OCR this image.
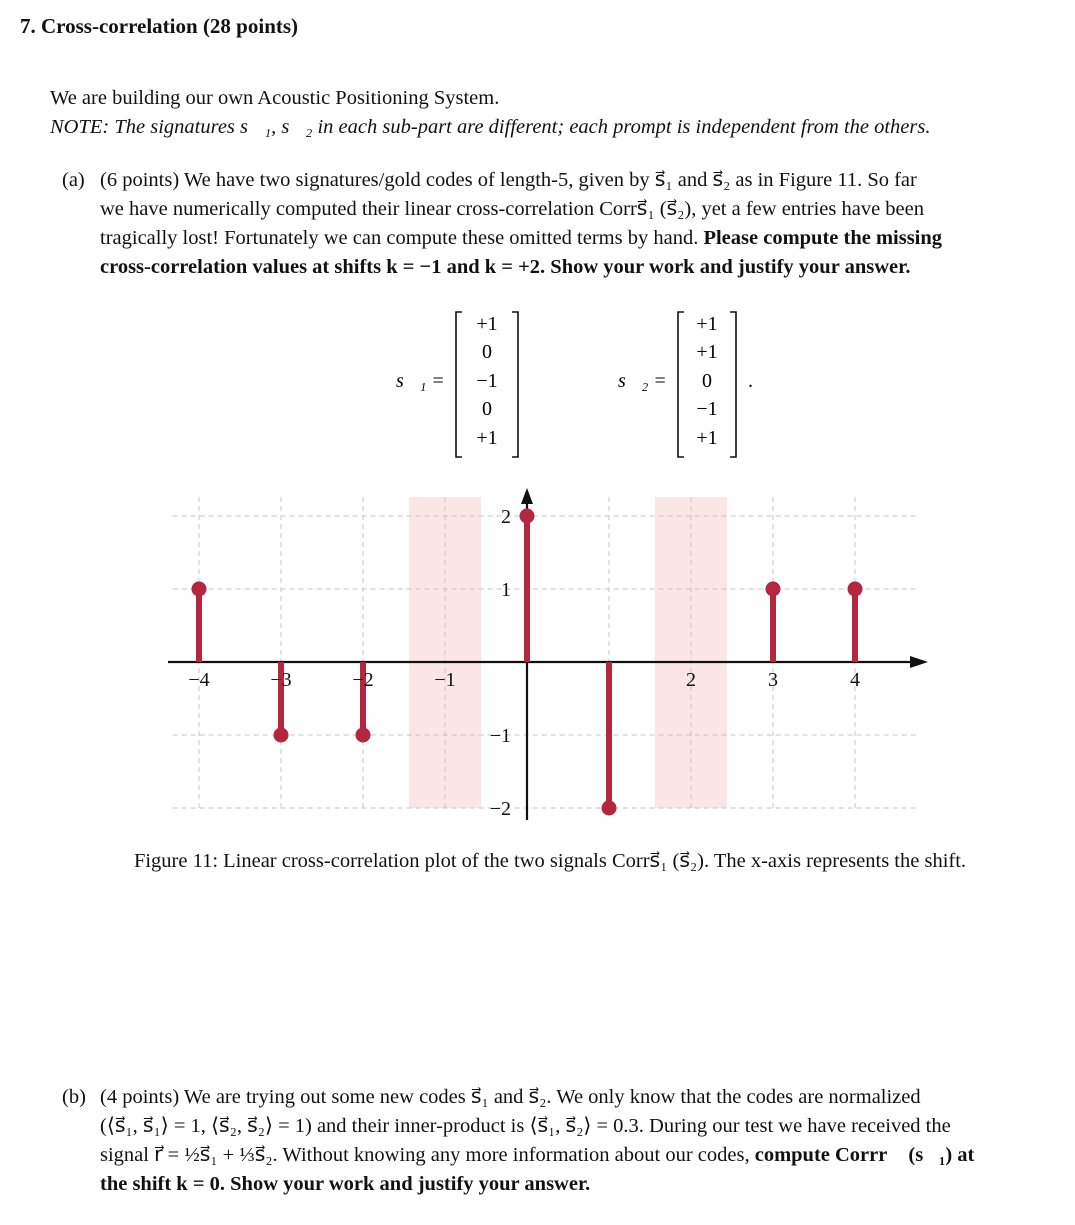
7. Cross-correlation (28 points)
We are building our own Acoustic Positioning System.
NOTE: The signatures s⃗₁, s⃗₂ in each sub-part are different; each prompt is independent from the others.
(a) (6 points) We have two signatures/gold codes of length-5, given by s⃗₁ and s⃗₂ as in Figure 11. So far
we have numerically computed their linear cross-correlation Corrs⃗₁ (s⃗₂), yet a few entries have been
tragically lost! Fortunately we can compute these omitted terms by hand. Please compute the missing
cross-correlation values at shifts k = −1 and k = +2. Show your work and justify your answer.
s⃗₁ =
+1
0
−1
0
+1
s⃗₂ =
+1
+1
0
−1
+1
.
−4	−3	−2	−1	2	3	4
2
1
−1
−2
Figure 11: Linear cross-correlation plot of the two signals Corrs⃗₁ (s⃗₂). The x-axis represents the shift.
(b) (4 points) We are trying out some new codes s⃗₁ and s⃗₂. We only know that the codes are normalized
(⟨s⃗₁, s⃗₁⟩ = 1, ⟨s⃗₂, s⃗₂⟩ = 1) and their inner-product is ⟨s⃗₁, s⃗₂⟩ = 0.3. During our test we have received the
signal r⃗ = ½s⃗₁ + ⅓s⃗₂. Without knowing any more information about our codes, compute Corrr⃗ (s⃗₁) at
the shift k = 0. Show your work and justify your answer.
